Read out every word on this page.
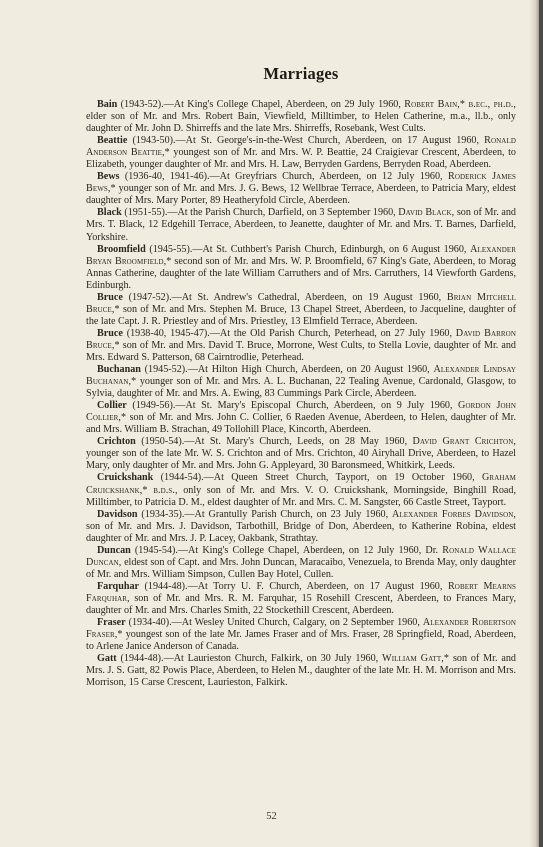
Marriages

Bain (1943-52).—At King's College Chapel, Aberdeen, on 29 July 1960, Robert Bain,* b.ec., ph.d., elder son of Mr. and Mrs. Robert Bain, Viewfield, Milltimber, to Helen Catherine, m.a., ll.b., only daughter of Mr. John D. Shirreffs and the late Mrs. Shirreffs, Rosebank, West Cults.

Beattie (1943-50).—At St. George's-in-the-West Church, Aberdeen, on 17 August 1960, Ronald Anderson Beattie,* youngest son of Mr. and Mrs. W. P. Beattie, 24 Craigievar Crescent, Aberdeen, to Elizabeth, younger daughter of Mr. and Mrs. H. Law, Berryden Gardens, Berryden Road, Aberdeen.

Bews (1936-40, 1941-46).—At Greyfriars Church, Aberdeen, on 12 July 1960, Roderick James Bews,* younger son of Mr. and Mrs. J. G. Bews, 12 Wellbrae Terrace, Aberdeen, to Patricia Mary, eldest daughter of Mrs. Mary Porter, 89 Heatheryfold Circle, Aberdeen.

Black (1951-55).—At the Parish Church, Darfield, on 3 September 1960, David Black, son of Mr. and Mrs. T. Black, 12 Edgehill Terrace, Aberdeen, to Jeanette, daughter of Mr. and Mrs. T. Barnes, Darfield, Yorkshire.

Broomfield (1945-55).—At St. Cuthbert's Parish Church, Edinburgh, on 6 August 1960, Alexander Bryan Broomfield,* second son of Mr. and Mrs. W. P. Broomfield, 67 King's Gate, Aberdeen, to Morag Annas Catherine, daughter of the late William Carruthers and of Mrs. Carruthers, 14 Viewforth Gardens, Edinburgh.

Bruce (1947-52).—At St. Andrew's Cathedral, Aberdeen, on 19 August 1960, Brian Mitchell Bruce,* son of Mr. and Mrs. Stephen M. Bruce, 13 Chapel Street, Aberdeen, to Jacqueline, daughter of the late Capt. J. R. Priestley and of Mrs. Priestley, 13 Elmfield Terrace, Aberdeen.

Bruce (1938-40, 1945-47).—At the Old Parish Church, Peterhead, on 27 July 1960, David Barron Bruce,* son of Mr. and Mrs. David T. Bruce, Morrone, West Cults, to Stella Lovie, daughter of Mr. and Mrs. Edward S. Patterson, 68 Cairntrodlie, Peterhead.

Buchanan (1945-52).—At Hilton High Church, Aberdeen, on 20 August 1960, Alexander Lindsay Buchanan,* younger son of Mr. and Mrs. A. L. Buchanan, 22 Tealing Avenue, Cardonald, Glasgow, to Sylvia, daughter of Mr. and Mrs. A. Ewing, 83 Cummings Park Circle, Aberdeen.

Collier (1949-56).—At St. Mary's Episcopal Church, Aberdeen, on 9 July 1960, Gordon John Collier,* son of Mr. and Mrs. John C. Collier, 6 Raeden Avenue, Aberdeen, to Helen, daughter of Mr. and Mrs. William B. Strachan, 49 Tollohill Place, Kincorth, Aberdeen.

Crichton (1950-54).—At St. Mary's Church, Leeds, on 28 May 1960, David Grant Crichton, younger son of the late Mr. W. S. Crichton and of Mrs. Crichton, 40 Airyhall Drive, Aberdeen, to Hazel Mary, only daughter of Mr. and Mrs. John G. Appleyard, 30 Baronsmeed, Whitkirk, Leeds.

Cruickshank (1944-54).—At Queen Street Church, Tayport, on 19 October 1960, Graham Cruickshank,* b.d.s., only son of Mr. and Mrs. V. O. Cruickshank, Morningside, Binghill Road, Milltimber, to Patricia D. M., eldest daughter of Mr. and Mrs. C. M. Sangster, 66 Castle Street, Tayport.

Davidson (1934-35).—At Grantully Parish Church, on 23 July 1960, Alexander Forbes Davidson, son of Mr. and Mrs. J. Davidson, Tarbothill, Bridge of Don, Aberdeen, to Katherine Robina, eldest daughter of Mr. and Mrs. J. P. Lacey, Oakbank, Strathtay.

Duncan (1945-54).—At King's College Chapel, Aberdeen, on 12 July 1960, Dr. Ronald Wallace Duncan, eldest son of Capt. and Mrs. John Duncan, Maracaibo, Venezuela, to Brenda May, only daughter of Mr. and Mrs. William Simpson, Cullen Bay Hotel, Cullen.

Farquhar (1944-48).—At Torry U. F. Church, Aberdeen, on 17 August 1960, Robert Mearns Farquhar, son of Mr. and Mrs. R. M. Farquhar, 15 Rosehill Crescent, Aberdeen, to Frances Mary, daughter of Mr. and Mrs. Charles Smith, 22 Stockethill Crescent, Aberdeen.

Fraser (1934-40).—At Wesley United Church, Calgary, on 2 September 1960, Alexander Robertson Fraser,* youngest son of the late Mr. James Fraser and of Mrs. Fraser, 28 Springfield, Road, Aberdeen, to Arlene Janice Anderson of Canada.

Gatt (1944-48).—At Laurieston Church, Falkirk, on 30 July 1960, William Gatt,* son of Mr. and Mrs. J. S. Gatt, 82 Powis Place, Aberdeen, to Helen M., daughter of the late Mr. H. M. Morrison and Mrs. Morrison, 15 Carse Crescent, Laurieston, Falkirk.

52
